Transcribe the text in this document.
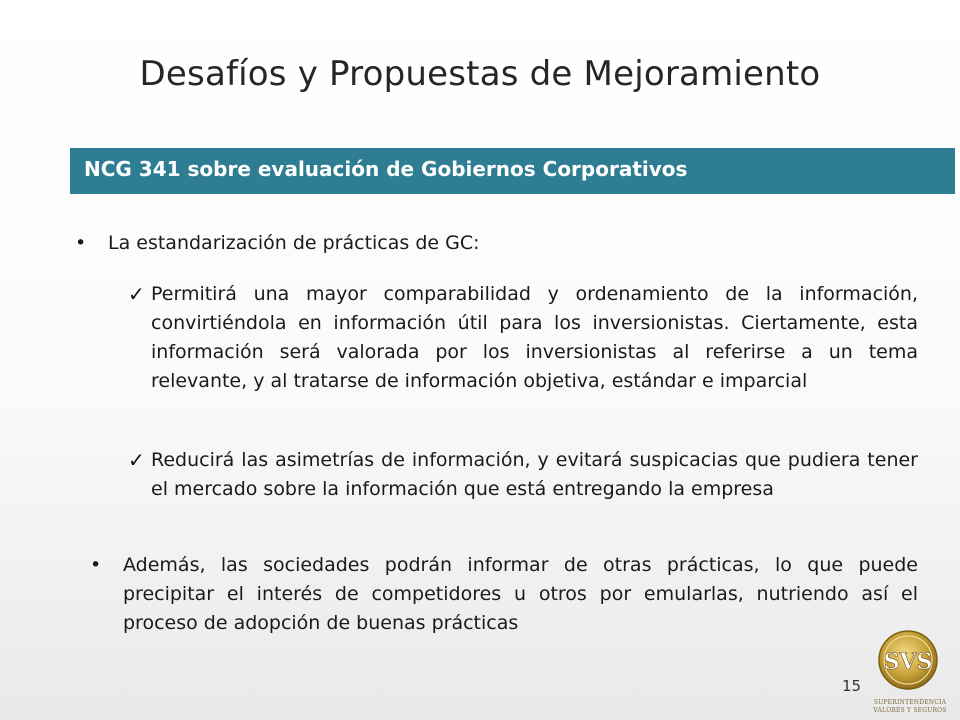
Desafíos y Propuestas de Mejoramiento
NCG 341 sobre evaluación de Gobiernos Corporativos
• La estandarización de prácticas de GC:
✓ Permitirá una mayor comparabilidad y ordenamiento de la información, convirtiéndola en información útil para los inversionistas. Ciertamente, esta información será valorada por los inversionistas al referirse a un tema relevante, y al tratarse de información objetiva, estándar e imparcial
✓ Reducirá las asimetrías de información, y evitará suspicacias que pudiera tener el mercado sobre la información que está entregando la empresa
• Además, las sociedades podrán informar de otras prácticas, lo que puede precipitar el interés de competidores u otros por emularlas, nutriendo así el proceso de adopción de buenas prácticas
15
SVS
SUPERINTENDENCIA
VALORES Y SEGUROS
